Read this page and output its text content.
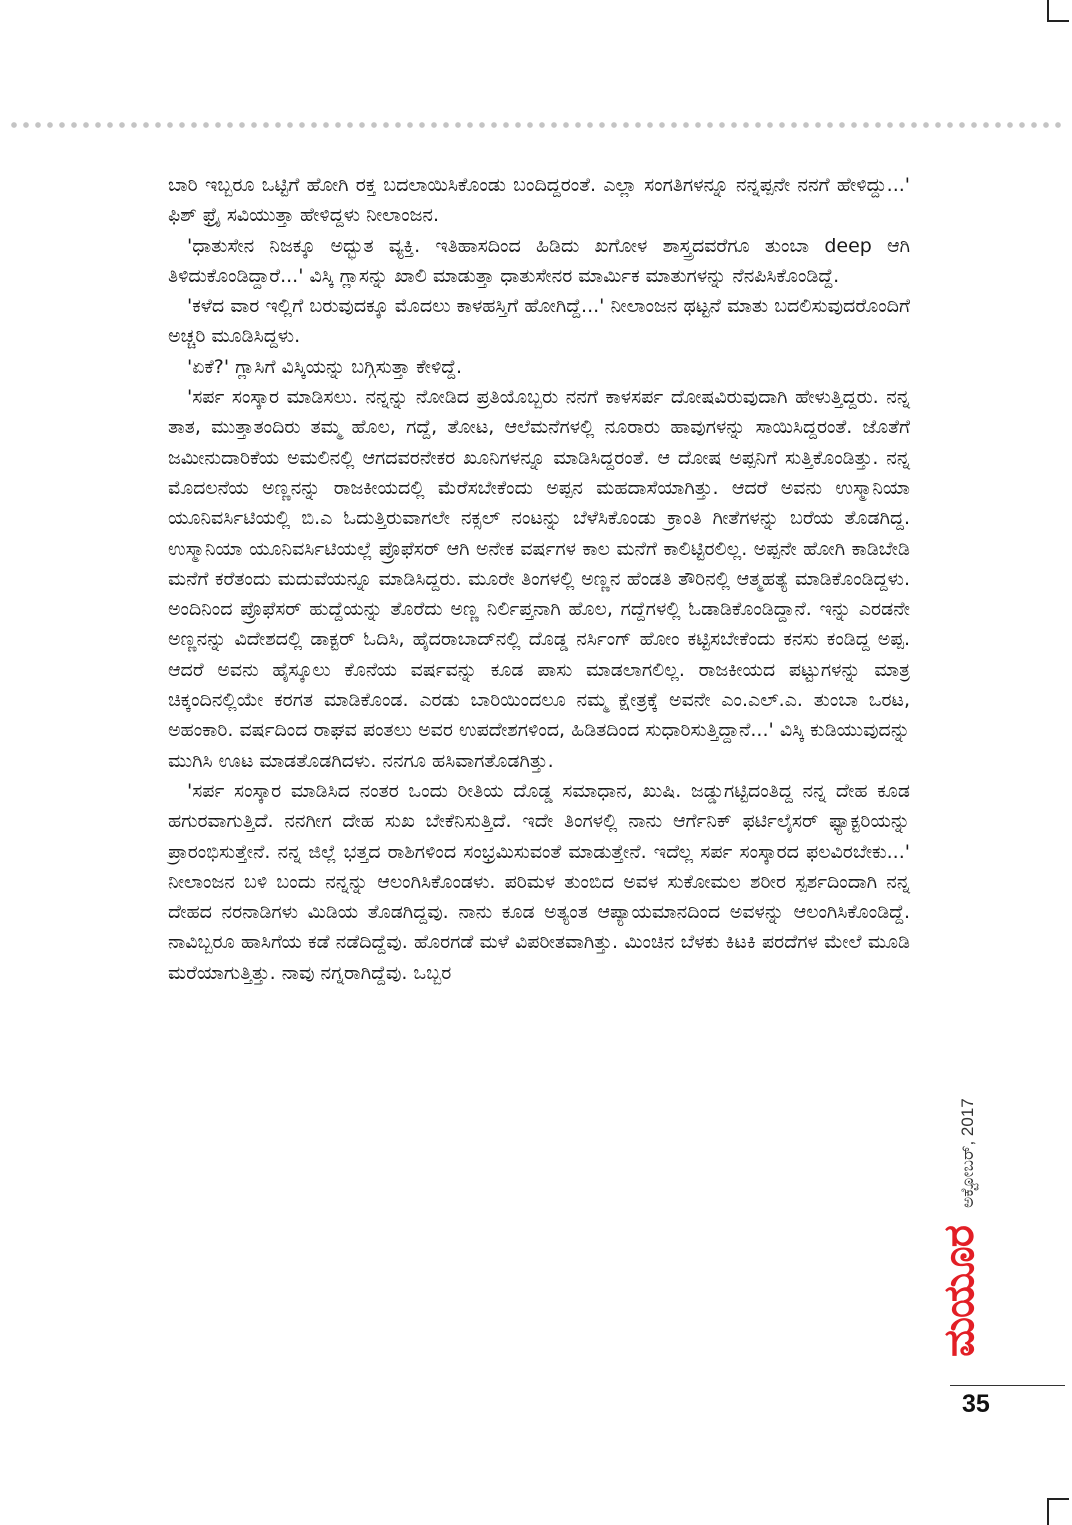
ಬಾರಿ ಇಬ್ಬರೂ ಒಟ್ಟಿಗೆ ಹೋಗಿ ರಕ್ತ ಬದಲಾಯಿಸಿಕೊಂಡು ಬಂದಿದ್ದರಂತೆ. ಎಲ್ಲಾ ಸಂಗತಿಗಳನ್ನೂ ನನ್ನಪ್ಪನೇ ನನಗೆ ಹೇಳಿದ್ದು...' ಫಿಶ್ ಫ್ರೈ ಸವಿಯುತ್ತಾ ಹೇಳಿದ್ದಳು ನೀಲಾಂಜನ.

'ಧಾತುಸೇನ ನಿಜಕ್ಕೂ ಅದ್ಭುತ ವ್ಯಕ್ತಿ. ಇತಿಹಾಸದಿಂದ ಹಿಡಿದು ಖಗೋಳ ಶಾಸ್ತ್ರದವರೆಗೂ ತುಂಬಾ deep ಆಗಿ ತಿಳಿದುಕೊಂಡಿದ್ದಾರೆ...' ವಿಸ್ಕಿ ಗ್ಲಾಸನ್ನು ಖಾಲಿ ಮಾಡುತ್ತಾ ಧಾತುಸೇನರ ಮಾರ್ಮಿಕ ಮಾತುಗಳನ್ನು ನೆನಪಿಸಿಕೊಂಡಿದ್ದೆ.

'ಕಳೆದ ವಾರ ಇಲ್ಲಿಗೆ ಬರುವುದಕ್ಕೂ ಮೊದಲು ಕಾಳಹಸ್ತಿಗೆ ಹೋಗಿದ್ದೆ...' ನೀಲಾಂಜನ ಥಟ್ಟನೆ ಮಾತು ಬದಲಿಸುವುದರೊಂದಿಗೆ ಅಚ್ಚರಿ ಮೂಡಿಸಿದ್ದಳು.

'ಏಕೆ?' ಗ್ಲಾಸಿಗೆ ವಿಸ್ಕಿಯನ್ನು ಬಗ್ಗಿಸುತ್ತಾ ಕೇಳಿದ್ದೆ.

'ಸರ್ಪ ಸಂಸ್ಕಾರ ಮಾಡಿಸಲು. ನನ್ನನ್ನು ನೋಡಿದ ಪ್ರತಿಯೊಬ್ಬರು ನನಗೆ ಕಾಳಸರ್ಪ ದೋಷವಿರುವುದಾಗಿ ಹೇಳುತ್ತಿದ್ದರು. ನನ್ನ ತಾತ, ಮುತ್ತಾತಂದಿರು ತಮ್ಮ ಹೊಲ, ಗದ್ದೆ, ತೋಟ, ಆಲೆಮನೆಗಳಲ್ಲಿ ನೂರಾರು ಹಾವುಗಳನ್ನು ಸಾಯಿಸಿದ್ದರಂತೆ. ಜೊತೆಗೆ ಜಮೀನುದಾರಿಕೆಯ ಅಮಲಿನಲ್ಲಿ ಆಗದವರನೇಕರ ಖೂನಿಗಳನ್ನೂ ಮಾಡಿಸಿದ್ದರಂತೆ. ಆ ದೋಷ ಅಪ್ಪನಿಗೆ ಸುತ್ತಿಕೊಂಡಿತ್ತು. ನನ್ನ ಮೊದಲನೆಯ ಅಣ್ಣನನ್ನು ರಾಜಕೀಯದಲ್ಲಿ ಮೆರೆಸಬೇಕೆಂದು ಅಪ್ಪನ ಮಹದಾಸೆಯಾಗಿತ್ತು. ಆದರೆ ಅವನು ಉಸ್ಮಾನಿಯಾ ಯೂನಿವರ್ಸಿಟಿಯಲ್ಲಿ ಬಿ.ಎ ಓದುತ್ತಿರುವಾಗಲೇ ನಕ್ಸಲ್ ನಂಟನ್ನು ಬೆಳೆಸಿಕೊಂಡು ಕ್ರಾಂತಿ ಗೀತೆಗಳನ್ನು ಬರೆಯ ತೊಡಗಿದ್ದ. ಉಸ್ಮಾನಿಯಾ ಯೂನಿವರ್ಸಿಟಿಯಲ್ಲೆ ಪ್ರೊಫೆಸರ್ ಆಗಿ ಅನೇಕ ವರ್ಷಗಳ ಕಾಲ ಮನೆಗೆ ಕಾಲಿಟ್ಟಿರಲಿಲ್ಲ. ಅಪ್ಪನೇ ಹೋಗಿ ಕಾಡಿಬೇಡಿ ಮನೆಗೆ ಕರೆತಂದು ಮದುವೆಯನ್ನೂ ಮಾಡಿಸಿದ್ದರು. ಮೂರೇ ತಿಂಗಳಲ್ಲಿ ಅಣ್ಣನ ಹೆಂಡತಿ ತೌರಿನಲ್ಲಿ ಆತ್ಮಹತ್ಯೆ ಮಾಡಿಕೊಂಡಿದ್ದಳು. ಅಂದಿನಿಂದ ಪ್ರೊಫೆಸರ್ ಹುದ್ದೆಯನ್ನು ತೊರೆದು ಅಣ್ಣ ನಿರ್ಲಿಪ್ತನಾಗಿ ಹೊಲ, ಗದ್ದೆಗಳಲ್ಲಿ ಓಡಾಡಿಕೊಂಡಿದ್ದಾನೆ. ಇನ್ನು ಎರಡನೇ ಅಣ್ಣನನ್ನು ವಿದೇಶದಲ್ಲಿ ಡಾಕ್ಟರ್ ಓದಿಸಿ, ಹೈದರಾಬಾದ್‌ನಲ್ಲಿ ದೊಡ್ಡ ನರ್ಸಿಂಗ್ ಹೋಂ ಕಟ್ಟಿಸಬೇಕೆಂದು ಕನಸು ಕಂಡಿದ್ದ ಅಪ್ಪ. ಆದರೆ ಅವನು ಹೈಸ್ಕೂಲು ಕೊನೆಯ ವರ್ಷವನ್ನು ಕೂಡ ಪಾಸು ಮಾಡಲಾಗಲಿಲ್ಲ. ರಾಜಕೀಯದ ಪಟ್ಟುಗಳನ್ನು ಮಾತ್ರ ಚಿಕ್ಕಂದಿನಲ್ಲಿಯೇ ಕರಗತ ಮಾಡಿಕೊಂಡ. ಎರಡು ಬಾರಿಯಿಂದಲೂ ನಮ್ಮ ಕ್ಷೇತ್ರಕ್ಕೆ ಅವನೇ ಎಂ.ಎಲ್.ಎ. ತುಂಬಾ ಒರಟ, ಅಹಂಕಾರಿ. ವರ್ಷದಿಂದ ರಾಘವ ಪಂತಲು ಅವರ ಉಪದೇಶಗಳಿಂದ, ಹಿಡಿತದಿಂದ ಸುಧಾರಿಸುತ್ತಿದ್ದಾನೆ...' ವಿಸ್ಕಿ ಕುಡಿಯುವುದನ್ನು ಮುಗಿಸಿ ಊಟ ಮಾಡತೊಡಗಿದಳು. ನನಗೂ ಹಸಿವಾಗತೊಡಗಿತ್ತು.

'ಸರ್ಪ ಸಂಸ್ಕಾರ ಮಾಡಿಸಿದ ನಂತರ ಒಂದು ರೀತಿಯ ದೊಡ್ಡ ಸಮಾಧಾನ, ಖುಷಿ. ಜಡ್ಡುಗಟ್ಟಿದಂತಿದ್ದ ನನ್ನ ದೇಹ ಕೂಡ ಹಗುರವಾಗುತ್ತಿದೆ. ನನಗೀಗ ದೇಹ ಸುಖ ಬೇಕೆನಿಸುತ್ತಿದೆ. ಇದೇ ತಿಂಗಳಲ್ಲಿ ನಾನು ಆರ್ಗೆನಿಕ್ ಫರ್ಟಿಲೈಸರ್ ಫ್ಯಾಕ್ಟರಿಯನ್ನು ಪ್ರಾರಂಭಿಸುತ್ತೇನೆ. ನನ್ನ ಜಿಲ್ಲೆ ಭತ್ತದ ರಾಶಿಗಳಿಂದ ಸಂಭ್ರಮಿಸುವಂತೆ ಮಾಡುತ್ತೇನೆ. ಇದೆಲ್ಲ ಸರ್ಪ ಸಂಸ್ಕಾರದ ಫಲವಿರಬೇಕು...' ನೀಲಾಂಜನ ಬಳಿ ಬಂದು ನನ್ನನ್ನು ಆಲಂಗಿಸಿಕೊಂಡಳು. ಪರಿಮಳ ತುಂಬಿದ ಅವಳ ಸುಕೋಮಲ ಶರೀರ ಸ್ಪರ್ಶದಿಂದಾಗಿ ನನ್ನ ದೇಹದ ನರನಾಡಿಗಳು ಮಿಡಿಯ ತೊಡಗಿದ್ದವು. ನಾನು ಕೂಡ ಅತ್ಯಂತ ಆಪ್ಯಾಯಮಾನದಿಂದ ಅವಳನ್ನು ಆಲಂಗಿಸಿಕೊಂಡಿದ್ದೆ. ನಾವಿಬ್ಬರೂ ಹಾಸಿಗೆಯ ಕಡೆ ನಡೆದಿದ್ದೆವು. ಹೊರಗಡೆ ಮಳೆ ವಿಪರೀತವಾಗಿತ್ತು. ಮಿಂಚಿನ ಬೆಳಕು ಕಿಟಕಿ ಪರದೆಗಳ ಮೇಲೆ ಮೂಡಿ ಮರೆಯಾಗುತ್ತಿತ್ತು. ನಾವು ನಗ್ನರಾಗಿದ್ದೆವು. ಒಬ್ಬರ

ಮಯೂರ
ಅಕ್ಟೋಬರ್, 2017
35
